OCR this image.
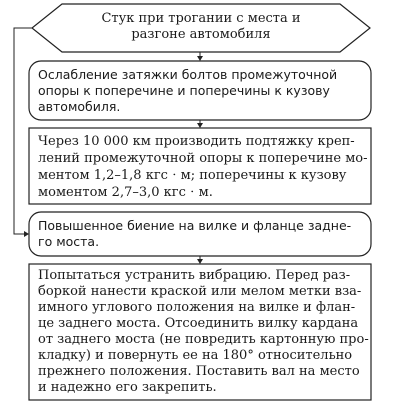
Стук при трогании с места и
разгоне автомобиля
Ослабление затяжки болтов промежуточной
опоры к поперечине и поперечины к кузову
автомобиля.
Через 10 000 км производить подтяжку креп-
лений промежуточной опоры к поперечине мо-
ментом 1,2–1,8 кгс ⋅ м; поперечины к кузову
моментом 2,7–3,0 кгс ⋅ м.
Повышенное биение на вилке и фланце задне-
го моста.
Попытаться устранить вибрацию. Перед раз-
боркой нанести краской или мелом метки вза-
имного углового положения на вилке и флан-
це заднего моста. Отсоединить вилку кардана
от заднего моста (не повредить картонную про-
кладку) и повернуть ее на 180° относительно
прежнего положения. Поставить вал на место
и надежно его закрепить.
